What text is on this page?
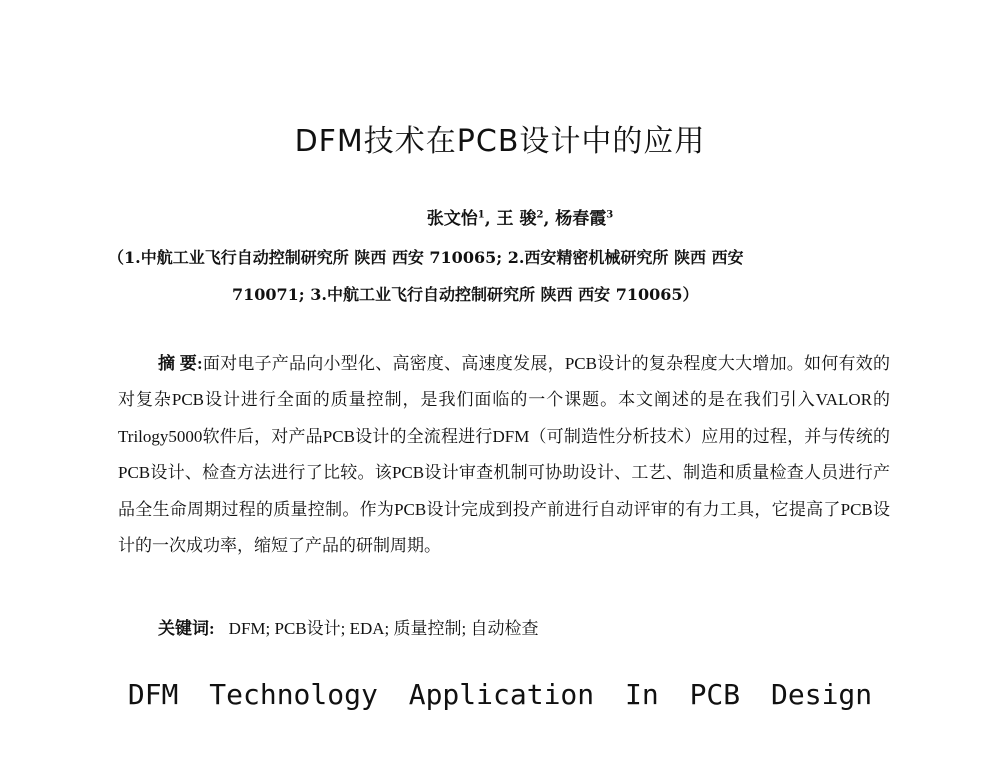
DFM技术在PCB设计中的应用
张文怡$^1$, 王 骏$^2$, 杨春霞$^3$
（1.中航工业飞行自动控制研究所 陕西 西安 710065; 2.西安精密机械研究所 陕西 西安
710071; 3.中航工业飞行自动控制研究所 陕西 西安 710065）

摘 要:面对电子产品向小型化、高密度、高速度发展，PCB设计的复杂程度大大增加。如何有效的对复杂PCB设计进行全面的质量控制，是我们面临的一个课题。本文阐述的是在我们引入VALOR的Trilogy5000软件后，对产品PCB设计的全流程进行DFM（可制造性分析技术）应用的过程，并与传统的PCB设计、检查方法进行了比较。该PCB设计审查机制可协助设计、工艺、制造和质量检查人员进行产品全生命周期过程的质量控制。作为PCB设计完成到投产前进行自动评审的有力工具，它提高了PCB设计的一次成功率，缩短了产品的研制周期。

关键词: DFM; PCB设计; EDA; 质量控制; 自动检查
DFM Technology Application In PCB Design
